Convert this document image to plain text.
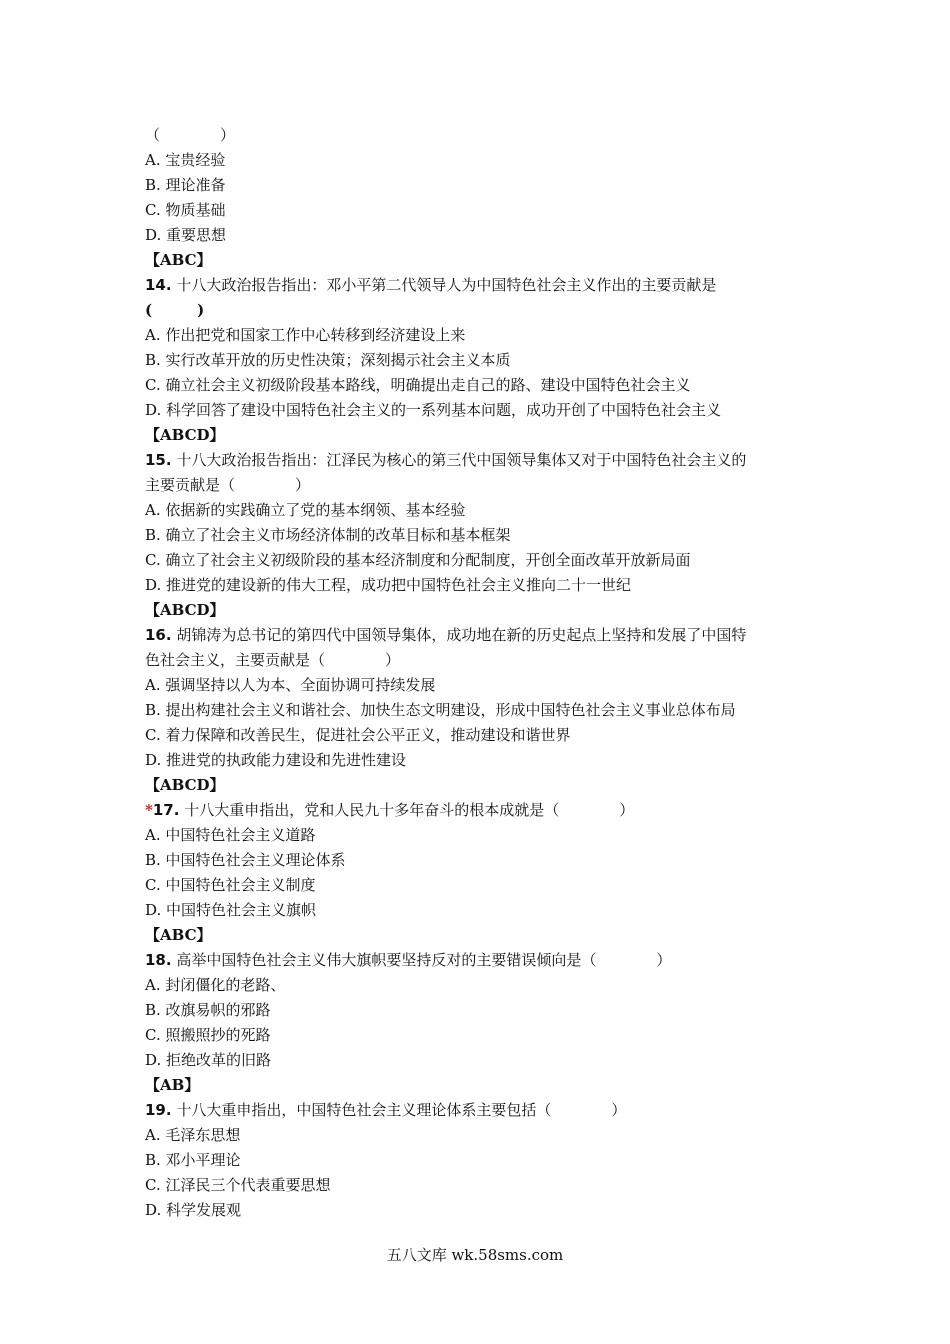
（　　　　）
A. 宝贵经验
B. 理论准备
C. 物质基础
D. 重要思想
【ABC】
14. 十八大政治报告指出：邓小平第二代领导人为中国特色社会主义作出的主要贡献是
(　　　)
A. 作出把党和国家工作中心转移到经济建设上来
B. 实行改革开放的历史性决策；深刻揭示社会主义本质
C. 确立社会主义初级阶段基本路线，明确提出走自己的路、建设中国特色社会主义
D. 科学回答了建设中国特色社会主义的一系列基本问题，成功开创了中国特色社会主义
【ABCD】
15. 十八大政治报告指出：江泽民为核心的第三代中国领导集体又对于中国特色社会主义的
主要贡献是（　　　　）
A. 依据新的实践确立了党的基本纲领、基本经验
B. 确立了社会主义市场经济体制的改革目标和基本框架
C. 确立了社会主义初级阶段的基本经济制度和分配制度，开创全面改革开放新局面
D. 推进党的建设新的伟大工程，成功把中国特色社会主义推向二十一世纪
【ABCD】
16. 胡锦涛为总书记的第四代中国领导集体，成功地在新的历史起点上坚持和发展了中国特
色社会主义，主要贡献是（　　　　）
A. 强调坚持以人为本、全面协调可持续发展
B. 提出构建社会主义和谐社会、加快生态文明建设，形成中国特色社会主义事业总体布局
C. 着力保障和改善民生，促进社会公平正义，推动建设和谐世界
D. 推进党的执政能力建设和先进性建设
【ABCD】
*17. 十八大重申指出，党和人民九十多年奋斗的根本成就是（　　　　）
A. 中国特色社会主义道路
B. 中国特色社会主义理论体系
C. 中国特色社会主义制度
D. 中国特色社会主义旗帜
【ABC】
18. 高举中国特色社会主义伟大旗帜要坚持反对的主要错误倾向是（　　　　）
A. 封闭僵化的老路、
B. 改旗易帜的邪路
C. 照搬照抄的死路
D. 拒绝改革的旧路
【AB】
19. 十八大重申指出，中国特色社会主义理论体系主要包括（　　　　）
A. 毛泽东思想
B. 邓小平理论
C. 江泽民三个代表重要思想
D. 科学发展观
五八文库 wk.58sms.com
